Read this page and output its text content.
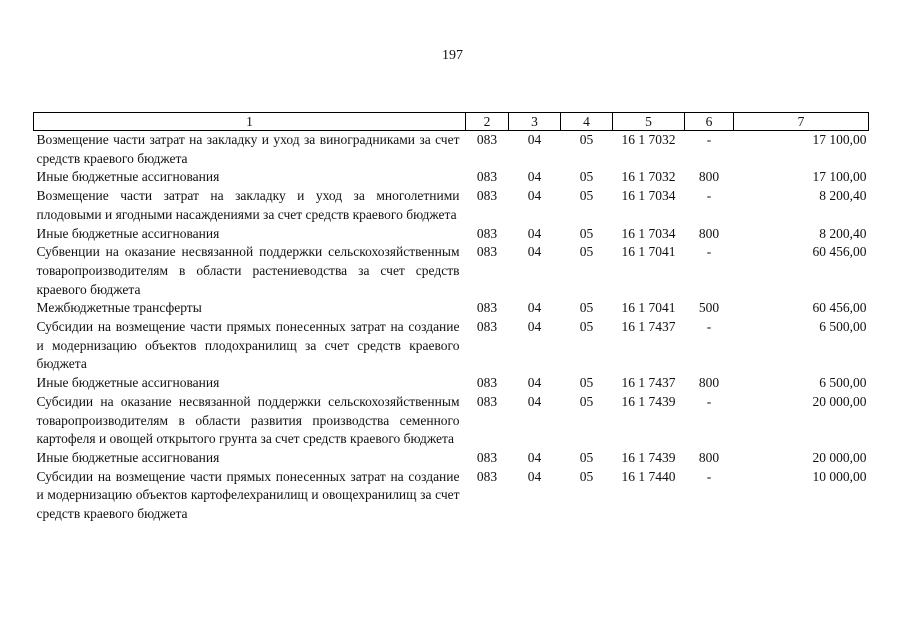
197
1	2	3	4	5	6	7
Возмещение части затрат на закладку и уход за виноградниками за счет средств краевого бюджета	083	04	05	16 1 7032	-	17 100,00
Иные бюджетные ассигнования	083	04	05	16 1 7032	800	17 100,00
Возмещение части затрат на закладку и уход за многолетними плодовыми и ягодными насаждениями за счет средств краевого бюджета	083	04	05	16 1 7034	-	8 200,40
Иные бюджетные ассигнования	083	04	05	16 1 7034	800	8 200,40
Субвенции на оказание несвязанной поддержки сельскохозяйственным товаропроизводителям в области растениеводства за счет средств краевого бюджета	083	04	05	16 1 7041	-	60 456,00
Межбюджетные трансферты	083	04	05	16 1 7041	500	60 456,00
Субсидии на возмещение части прямых понесенных затрат на создание и модернизацию объектов плодохранилищ за счет средств краевого бюджета	083	04	05	16 1 7437	-	6 500,00
Иные бюджетные ассигнования	083	04	05	16 1 7437	800	6 500,00
Субсидии на оказание несвязанной поддержки сельскохозяйственным товаропроизводителям в области развития производства семенного картофеля и овощей открытого грунта за счет средств краевого бюджета	083	04	05	16 1 7439	-	20 000,00
Иные бюджетные ассигнования	083	04	05	16 1 7439	800	20 000,00
Субсидии на возмещение части прямых понесенных затрат на создание и модернизацию объектов картофелехранилищ и овощехранилищ за счет средств краевого бюджета	083	04	05	16 1 7440	-	10 000,00
